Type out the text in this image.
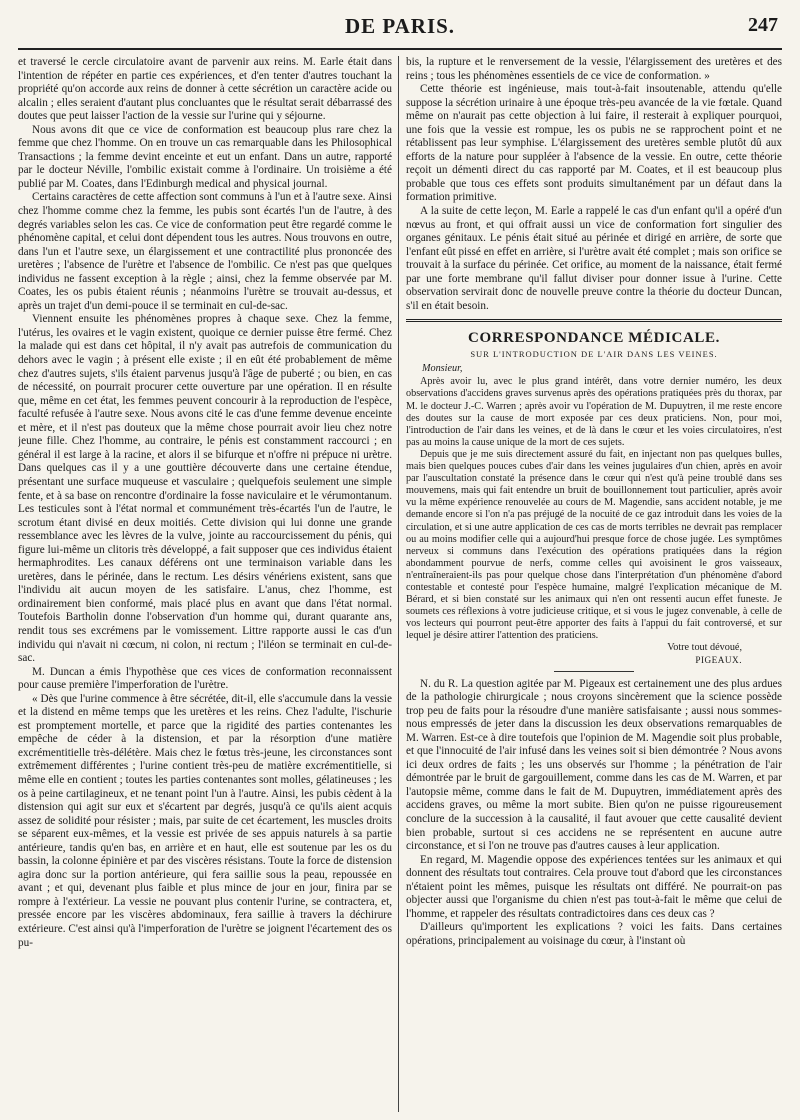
DE PARIS.	247

et traversé le cercle circulatoire avant de parvenir aux reins. M. Earle était dans l'intention de répéter en partie ces expériences, et d'en tenter d'autres touchant la propriété qu'on accorde aux reins de donner à cette sécrétion un caractère acide ou alcalin ; elles seraient d'autant plus concluantes que le résultat serait débarrassé des doutes que peut laisser l'action de la vessie sur l'urine qui y séjourne.

Nous avons dit que ce vice de conformation est beaucoup plus rare chez la femme que chez l'homme. On en trouve un cas remarquable dans les Philosophical Transactions ; la femme devint enceinte et eut un enfant. Dans un autre, rapporté par le docteur Néville, l'ombilic existait comme à l'ordinaire. Un troisième a été publié par M. Coates, dans l'Edinburgh medical and physical journal.

Certains caractères de cette affection sont communs à l'un et à l'autre sexe. Ainsi chez l'homme comme chez la femme, les pubis sont écartés l'un de l'autre, à des degrés variables selon les cas. Ce vice de conformation peut être regardé comme le phénomène capital, et celui dont dépendent tous les autres. Nous trouvons en outre, dans l'un et l'autre sexe, un élargissement et une contractilité plus prononcée des uretères ; l'absence de l'urètre et l'absence de l'ombilic. Ce n'est pas que quelques individus ne fassent exception à la règle ; ainsi, chez la femme observée par M. Coates, les os pubis étaient réunis ; néanmoins l'urètre se trouvait au-dessus, et après un trajet d'un demi-pouce il se terminait en cul-de-sac.

Viennent ensuite les phénomènes propres à chaque sexe. Chez la femme, l'utérus, les ovaires et le vagin existent, quoique ce dernier puisse être fermé. Chez la malade qui est dans cet hôpital, il n'y avait pas autrefois de communication du dehors avec le vagin ; à présent elle existe ; il en eût été probablement de même chez d'autres sujets, s'ils étaient parvenus jusqu'à l'âge de puberté ; ou bien, en cas de nécessité, on pourrait procurer cette ouverture par une opération. Il en résulte que, même en cet état, les femmes peuvent concourir à la reproduction de l'espèce, faculté refusée à l'autre sexe. Nous avons cité le cas d'une femme devenue enceinte et mère, et il n'est pas douteux que la même chose pourrait avoir lieu chez notre jeune fille. Chez l'homme, au contraire, le pénis est constamment raccourci ; en général il est large à la racine, et alors il se bifurque et n'offre ni prépuce ni urètre. Dans quelques cas il y a une gouttière découverte dans une certaine étendue, présentant une surface muqueuse et vasculaire ; quelquefois seulement une simple fente, et à sa base on rencontre d'ordinaire la fosse naviculaire et le vérumontanum. Les testicules sont à l'état normal et communément très-écartés l'un de l'autre, le scrotum étant divisé en deux moitiés. Cette division qui lui donne une grande ressemblance avec les lèvres de la vulve, jointe au raccourcissement du pénis, qui figure lui-même un clitoris très développé, a fait supposer que ces individus étaient hermaphrodites. Les canaux déférens ont une terminaison variable dans les uretères, dans le périnée, dans le rectum. Les désirs vénériens existent, sans que l'individu ait aucun moyen de les satisfaire. L'anus, chez l'homme, est ordinairement bien conformé, mais placé plus en avant que dans l'état normal. Toutefois Bartholin donne l'observation d'un homme qui, durant quarante ans, rendit tous ses excrémens par le vomissement. Littre rapporte aussi le cas d'un individu qui n'avait ni cœcum, ni colon, ni rectum ; l'iléon se terminait en cul-de-sac.

M. Duncan a émis l'hypothèse que ces vices de conformation reconnaissent pour cause première l'imperforation de l'urètre.

« Dès que l'urine commence à être sécrétée, dit-il, elle s'accumule dans la vessie et la distend en même temps que les uretères et les reins. Chez l'adulte, l'ischurie est promptement mortelle, et parce que la rigidité des parties contenantes les empêche de céder à la distension, et par la résorption d'une matière excrémentitielle très-délétère. Mais chez le fœtus très-jeune, les circonstances sont extrêmement différentes ; l'urine contient très-peu de matière excrémentitielle, si même elle en contient ; toutes les parties contenantes sont molles, gélatineuses ; les os à peine cartilagineux, et ne tenant point l'un à l'autre. Ainsi, les pubis cèdent à la distension qui agit sur eux et s'écartent par degrés, jusqu'à ce qu'ils aient acquis assez de solidité pour résister ; mais, par suite de cet écartement, les muscles droits se séparent eux-mêmes, et la vessie est privée de ses appuis naturels à sa partie antérieure, tandis qu'en bas, en arrière et en haut, elle est soutenue par les os du bassin, la colonne épinière et par des viscères résistans. Toute la force de distension agira donc sur la portion antérieure, qui fera saillie sous la peau, repoussée en avant ; et qui, devenant plus faible et plus mince de jour en jour, finira par se rompre à l'extérieur. La vessie ne pouvant plus contenir l'urine, se contractera, et, pressée encore par les viscères abdominaux, fera saillie à travers la déchirure extérieure. C'est ainsi qu'à l'imperforation de l'urètre se joignent l'écartement des os pu-

bis, la rupture et le renversement de la vessie, l'élargissement des uretères et des reins ; tous les phénomènes essentiels de ce vice de conformation. »

Cette théorie est ingénieuse, mais tout-à-fait insoutenable, attendu qu'elle suppose la sécrétion urinaire à une époque très-peu avancée de la vie fœtale. Quand même on n'aurait pas cette objection à lui faire, il resterait à expliquer pourquoi, une fois que la vessie est rompue, les os pubis ne se rapprochent point et ne rétablissent pas leur symphise. L'élargissement des uretères semble plutôt dû aux efforts de la nature pour suppléer à l'absence de la vessie. En outre, cette théorie reçoit un démenti direct du cas rapporté par M. Coates, et il est beaucoup plus probable que tous ces effets sont produits simultanément par un défaut dans la formation primitive.

A la suite de cette leçon, M. Earle a rappelé le cas d'un enfant qu'il a opéré d'un nœvus au front, et qui offrait aussi un vice de conformation fort singulier des organes génitaux. Le pénis était situé au périnée et dirigé en arrière, de sorte que l'enfant eût pissé en effet en arrière, si l'urètre avait été complet ; mais son orifice se trouvait à la surface du périnée. Cet orifice, au moment de la naissance, était fermé par une forte membrane qu'il fallut diviser pour donner issue à l'urine. Cette observation servirait donc de nouvelle preuve contre la théorie du docteur Duncan, s'il en était besoin.

CORRESPONDANCE MÉDICALE.
SUR L'INTRODUCTION DE L'AIR DANS LES VEINES.
Monsieur,

Après avoir lu, avec le plus grand intérêt, dans votre dernier numéro, les deux observations d'accidens graves survenus après des opérations pratiquées près du thorax, par M. le docteur J.-C. Warren ; après avoir vu l'opération de M. Dupuytren, il me reste encore des doutes sur la cause de mort exposée par ces deux praticiens. Non, pour moi, l'introduction de l'air dans les veines, et de là dans le cœur et les voies circulatoires, n'est pas au moins la cause unique de la mort de ces sujets.

Depuis que je me suis directement assuré du fait, en injectant non pas quelques bulles, mais bien quelques pouces cubes d'air dans les veines jugulaires d'un chien, après en avoir par l'auscultation constaté la présence dans le cœur qui n'est qu'à peine troublé dans ses mouvemens, mais qui fait entendre un bruit de bouillonnement tout particulier, après avoir vu la même expérience renouvelée au cours de M. Magendie, sans accident notable, je me demande encore si l'on n'a pas préjugé de la nocuité de ce gaz introduit dans les voies de la circulation, et si une autre application de ces cas de morts terribles ne devrait pas remplacer ou au moins modifier celle qui a aujourd'hui presque force de chose jugée. Les symptômes nerveux si communs dans l'exécution des opérations pratiquées dans la région abondamment pourvue de nerfs, comme celles qui avoisinent le gros vaisseaux, n'entraîneraient-ils pas pour quelque chose dans l'interprétation d'un phénomène d'abord contestable et contesté pour l'espèce humaine, malgré l'explication mécanique de M. Bérard, et si bien constaté sur les animaux qui n'en ont ressenti aucun effet funeste. Je soumets ces réflexions à votre judicieuse critique, et si vous le jugez convenable, à celle de vos lecteurs qui pourront peut-être apporter des faits à l'appui du fait controversé, et sur lequel je désire attirer l'attention des praticiens.

Votre tout dévoué,
PIGEAUX.

N. du R. La question agitée par M. Pigeaux est certainement une des plus ardues de la pathologie chirurgicale ; nous croyons sincèrement que la science possède trop peu de faits pour la résoudre d'une manière satisfaisante ; aussi nous sommes-nous empressés de jeter dans la discussion les deux observations remarquables de M. Warren. Est-ce à dire toutefois que l'opinion de M. Magendie soit plus probable, et que l'innocuité de l'air infusé dans les veines soit si bien démontrée ? Nous avons ici deux ordres de faits ; les uns observés sur l'homme ; la pénétration de l'air démontrée par le bruit de gargouillement, comme dans les cas de M. Warren, et par l'autopsie même, comme dans le fait de M. Dupuytren, immédiatement après des accidens graves, ou même la mort subite. Bien qu'on ne puisse rigoureusement conclure de la succession à la causalité, il faut avouer que cette causalité devient bien probable, surtout si ces accidens ne se représentent en aucune autre circonstance, et si l'on ne trouve pas d'autres causes à leur application.

En regard, M. Magendie oppose des expériences tentées sur les animaux et qui donnent des résultats tout contraires. Cela prouve tout d'abord que les circonstances n'étaient point les mêmes, puisque les résultats ont différé. Ne pourrait-on pas objecter aussi que l'organisme du chien n'est pas tout-à-fait le même que celui de l'homme, et rappeler des résultats contradictoires dans ces deux cas ?

D'ailleurs qu'importent les explications ? voici les faits. Dans certaines opérations, principalement au voisinage du cœur, à l'instant où
